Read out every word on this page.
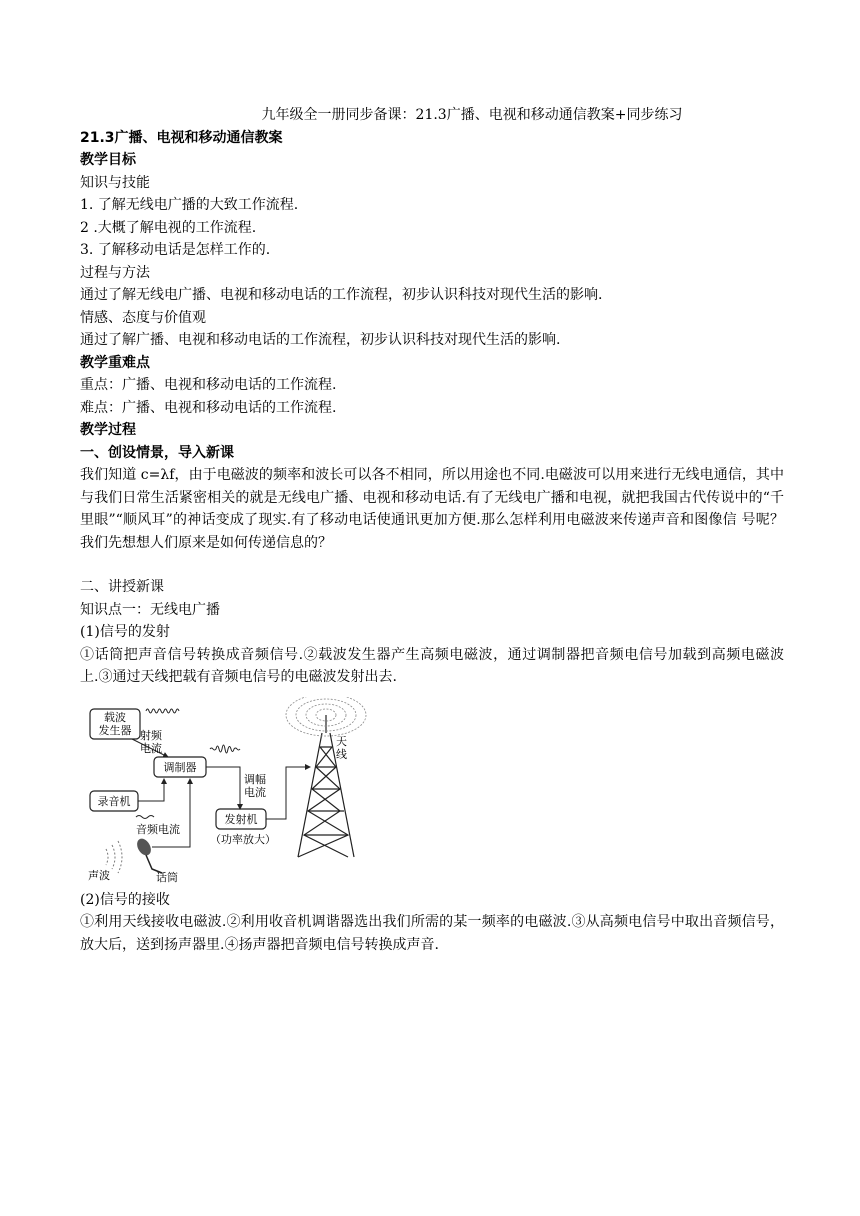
九年级全一册同步备课：21.3广播、电视和移动通信教案+同步练习
21.3广播、电视和移动通信教案
教学目标
知识与技能
1. 了解无线电广播的大致工作流程.
2 .大概了解电视的工作流程.
3. 了解移动电话是怎样工作的.
过程与方法
通过了解无线电广播、电视和移动电话的工作流程，初步认识科技对现代生活的影响.
情感、态度与价值观
通过了解广播、电视和移动电话的工作流程，初步认识科技对现代生活的影响.
教学重难点
重点：广播、电视和移动电话的工作流程.
难点：广播、电视和移动电话的工作流程.
教学过程
一、创设情景，导入新课
我们知道 c=λf，由于电磁波的频率和波长可以各不相同，所以用途也不同.电磁波可以用来进行无线电通信，其中与我们日常生活紧密相关的就是无线电广播、电视和移动电话.有了无线电广播和电视，就把我国古代传说中的“千里眼”“顺风耳”的神话变成了现实.有了移动电话使通讯更加方便.那么怎样利用电磁波来传递声音和图像信 号呢？我们先想想人们原来是如何传递信息的？
二、讲授新课
知识点一：无线电广播
(1)信号的发射
①话筒把声音信号转换成音频信号.②载波发生器产生高频电磁波，通过调制器把音频电信号加载到高频电磁波上.③通过天线把载有音频电信号的电磁波发射出去.
载波
发生器 射频
电流
调制器
录音机
音频电流
调幅
电流
发射机
（功率放大）
天
线
声波	话筒
(2)信号的接收
①利用天线接收电磁波.②利用收音机调谐器选出我们所需的某一频率的电磁波.③从高频电信号中取出音频信号，放大后，送到扬声器里.④扬声器把音频电信号转换成声音.
